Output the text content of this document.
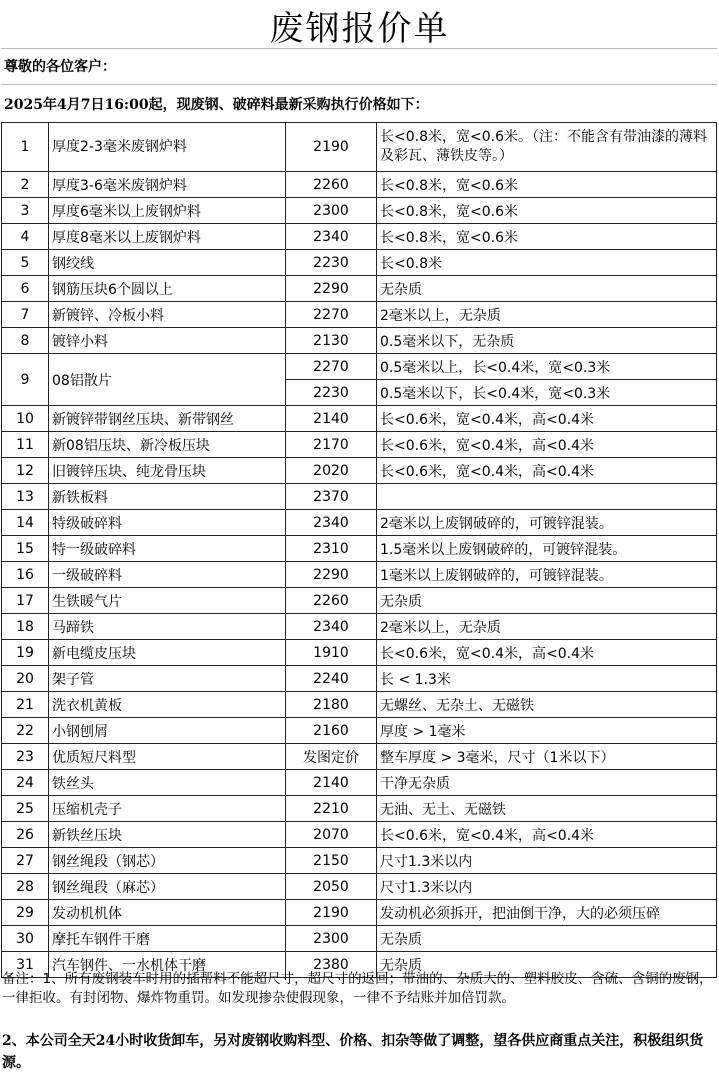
废钢报价单
尊敬的各位客户：
2025年4月7日16:00起，现废钢、破碎料最新采购执行价格如下：
1	厚度2-3毫米废钢炉料	2190	长<0.8米，宽<0.6米。（注：不能含有带油漆的薄料及彩瓦、薄铁皮等。）
2	厚度3-6毫米废钢炉料	2260	长<0.8米，宽<0.6米
3	厚度6毫米以上废钢炉料	2300	长<0.8米，宽<0.6米
4	厚度8毫米以上废钢炉料	2340	长<0.8米，宽<0.6米
5	钢绞线	2230	长<0.8米
6	钢筋压块6个圆以上	2290	无杂质
7	新镀锌、冷板小料	2270	2毫米以上，无杂质
8	镀锌小料	2130	0.5毫米以下，无杂质
9	08铝散片	2270	0.5毫米以上，长<0.4米，宽<0.3米
		2230	0.5毫米以下，长<0.4米，宽<0.3米
10	新镀锌带钢丝压块、新带钢丝	2140	长<0.6米，宽<0.4米，高<0.4米
11	新08铝压块、新冷板压块	2170	长<0.6米，宽<0.4米，高<0.4米
12	旧镀锌压块、纯龙骨压块	2020	长<0.6米，宽<0.4米，高<0.4米
13	新铁板料	2370	
14	特级破碎料	2340	2毫米以上废钢破碎的，可镀锌混装。
15	特一级破碎料	2310	1.5毫米以上废钢破碎的，可镀锌混装。
16	一级破碎料	2290	1毫米以上废钢破碎的，可镀锌混装。
17	生铁暖气片	2260	无杂质
18	马蹄铁	2340	2毫米以上，无杂质
19	新电缆皮压块	1910	长<0.6米，宽<0.4米，高<0.4米
20	架子管	2240	长 < 1.3米
21	洗衣机黄板	2180	无螺丝、无杂土、无磁铁
22	小钢刨屑	2160	厚度 > 1毫米
23	优质短尺料型	发图定价	整车厚度 > 3毫米，尺寸（1米以下）
24	铁丝头	2140	干净无杂质
25	压缩机壳子	2210	无油、无土、无磁铁
26	新铁丝压块	2070	长<0.6米，宽<0.4米，高<0.4米
27	钢丝绳段（钢芯）	2150	尺寸1.3米以内
28	钢丝绳段（麻芯）	2050	尺寸1.3米以内
29	发动机机体	2190	发动机必须拆开，把油倒干净，大的必须压碎
30	摩托车钢件干磨	2300	无杂质
31	汽车钢件、一水机体干磨	2380	无杂质
备注：1、所有废钢装车时用的插帮料不能超尺寸，超尺寸的返回；带油的、杂质大的、塑料胶皮、含硫、含铜的废钢，一律拒收。有封闭物、爆炸物重罚。如发现掺杂使假现象，一律不予结账并加倍罚款。
2、本公司全天24小时收货卸车，另对废钢收购料型、价格、扣杂等做了调整，望各供应商重点关注，积极组织货源。
